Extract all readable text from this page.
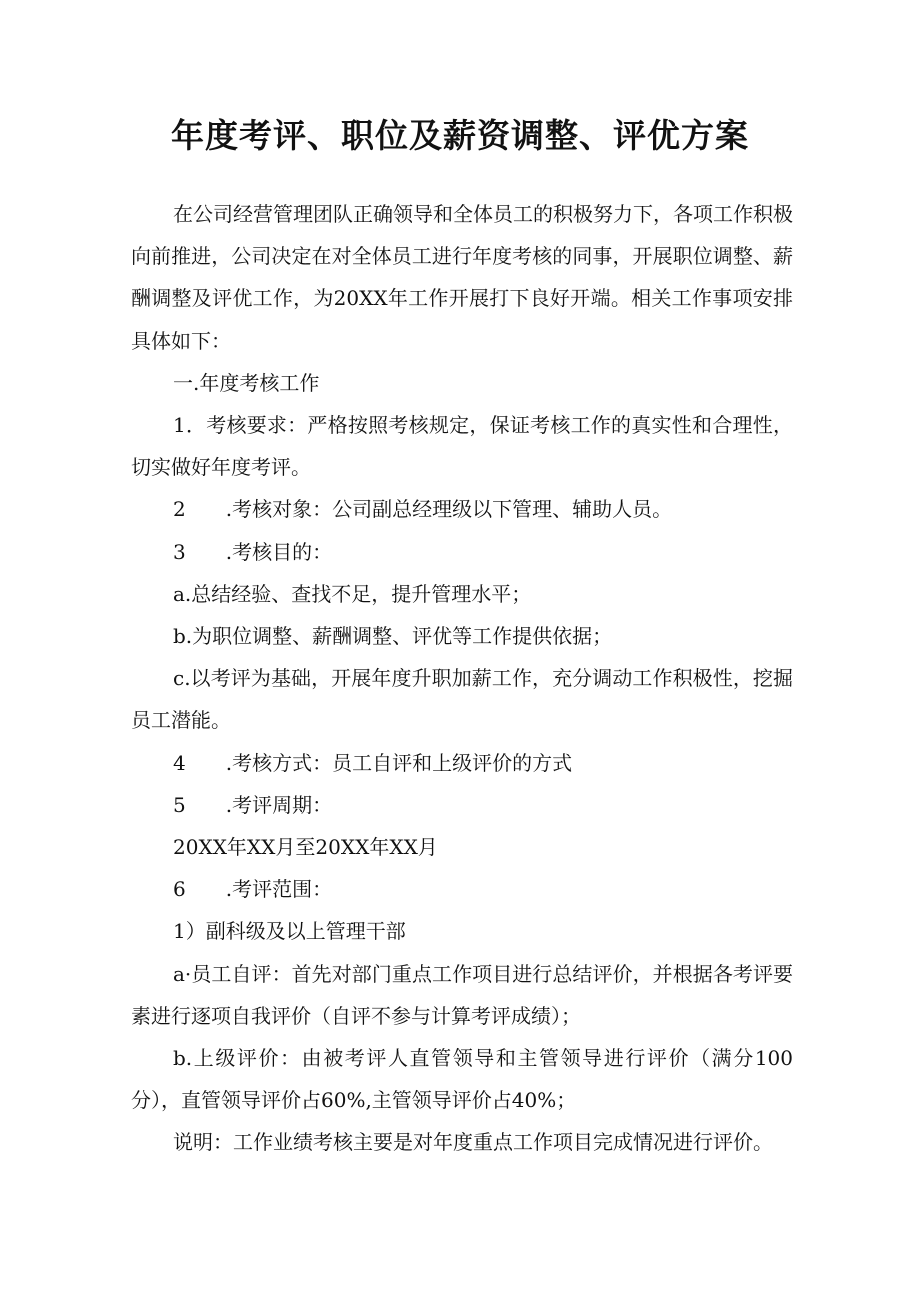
年度考评、职位及薪资调整、评优方案

在公司经营管理团队正确领导和全体员工的积极努力下，各项工作积极向前推进，公司决定在对全体员工进行年度考核的同事，开展职位调整、薪酬调整及评优工作，为20XX年工作开展打下良好开端。相关工作事项安排具体如下：

一.年度考核工作

1．考核要求：严格按照考核规定，保证考核工作的真实性和合理性，切实做好年度考评。

2　　.考核对象：公司副总经理级以下管理、辅助人员。

3　　.考核目的：

a.总结经验、查找不足，提升管理水平；

b.为职位调整、薪酬调整、评优等工作提供依据；

c.以考评为基础，开展年度升职加薪工作，充分调动工作积极性，挖掘员工潜能。

4　　.考核方式：员工自评和上级评价的方式

5　　.考评周期：

20XX年XX月至20XX年XX月

6　　.考评范围：

1）副科级及以上管理干部

a·员工自评：首先对部门重点工作项目进行总结评价，并根据各考评要素进行逐项自我评价（自评不参与计算考评成绩）；

b.上级评价：由被考评人直管领导和主管领导进行评价（满分100分），直管领导评价占60%,主管领导评价占40%；

说明：工作业绩考核主要是对年度重点工作项目完成情况进行评价。
